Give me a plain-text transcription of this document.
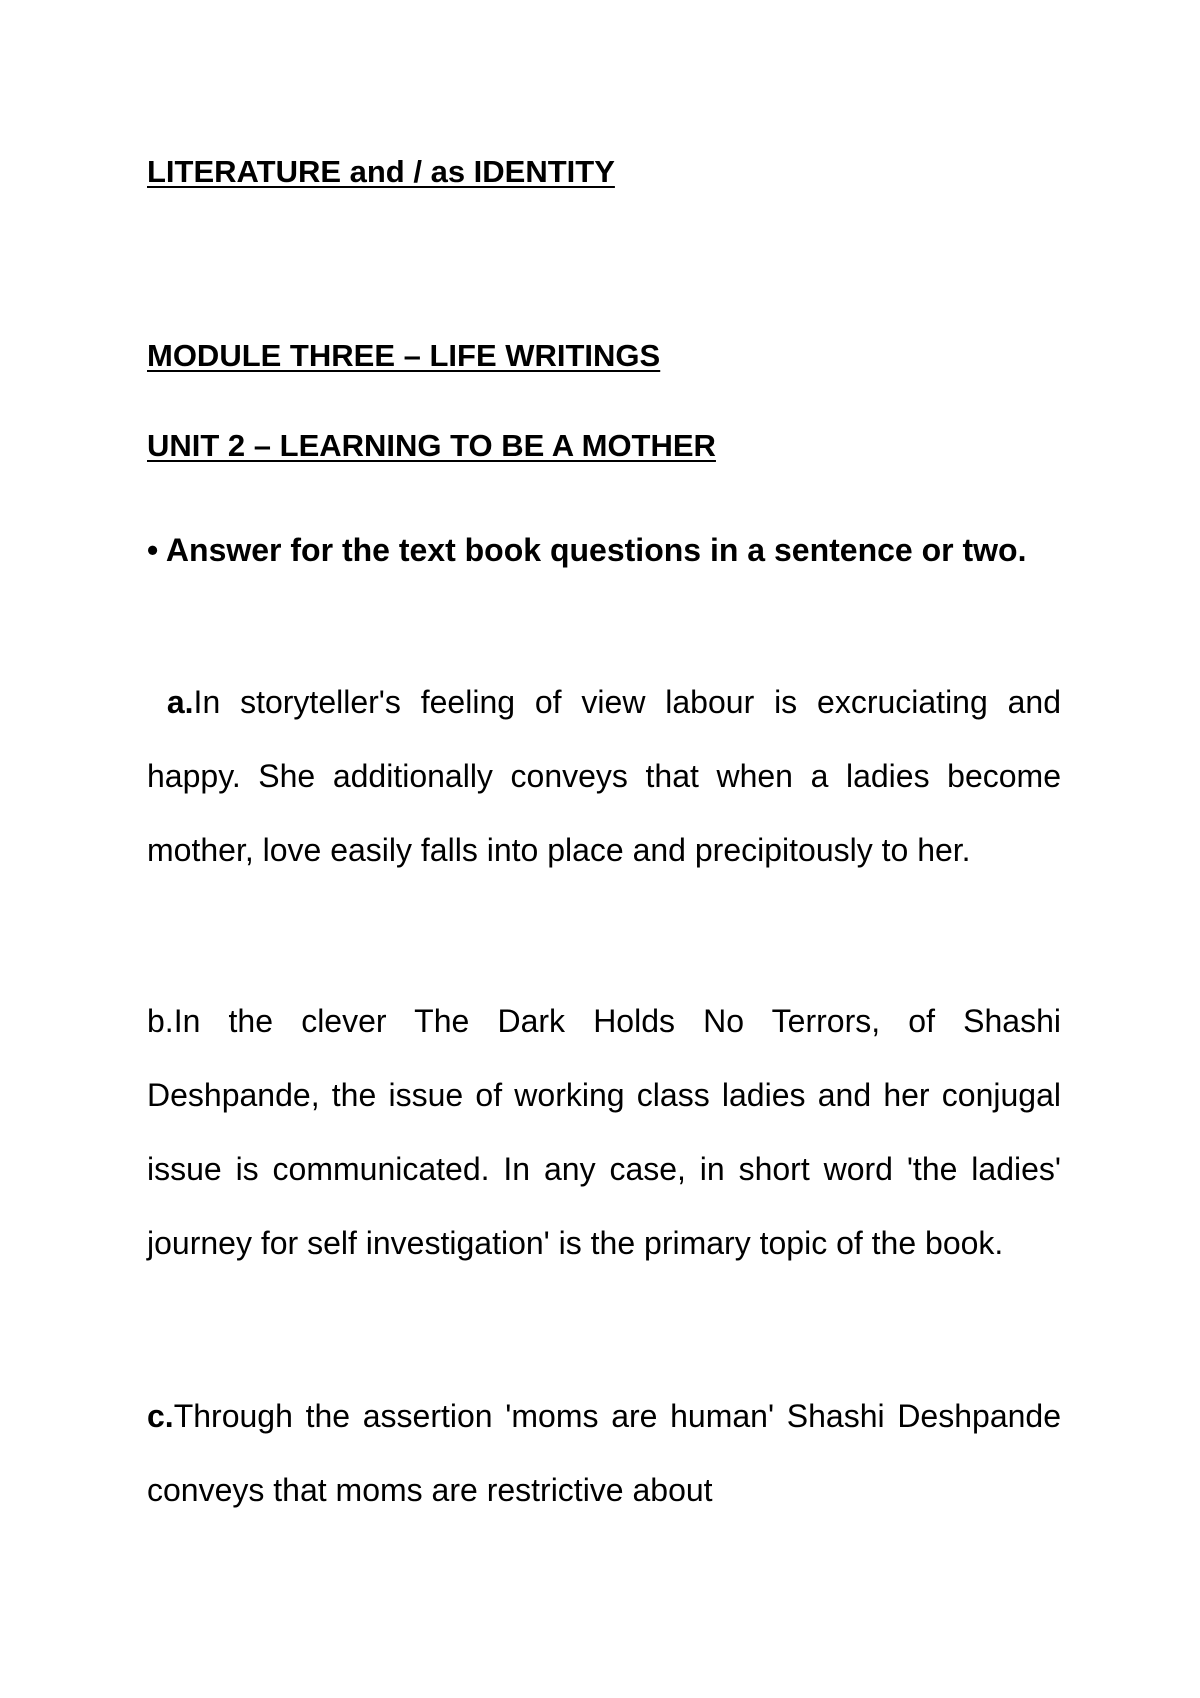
LITERATURE and / as IDENTITY
MODULE THREE – LIFE WRITINGS
UNIT 2 – LEARNING TO BE A MOTHER
• Answer for the text book questions in a sentence or two.
a.In storyteller's feeling of view labour is excruciating and happy. She additionally conveys that when a ladies become mother, love easily falls into place and precipitously to her.
b.In the clever The Dark Holds No Terrors, of Shashi Deshpande, the issue of working class ladies and her conjugal issue is communicated. In any case, in short word 'the ladies' journey for self investigation' is the primary topic of the book.
c.Through the assertion 'moms are human' Shashi Deshpande conveys that moms are restrictive about
